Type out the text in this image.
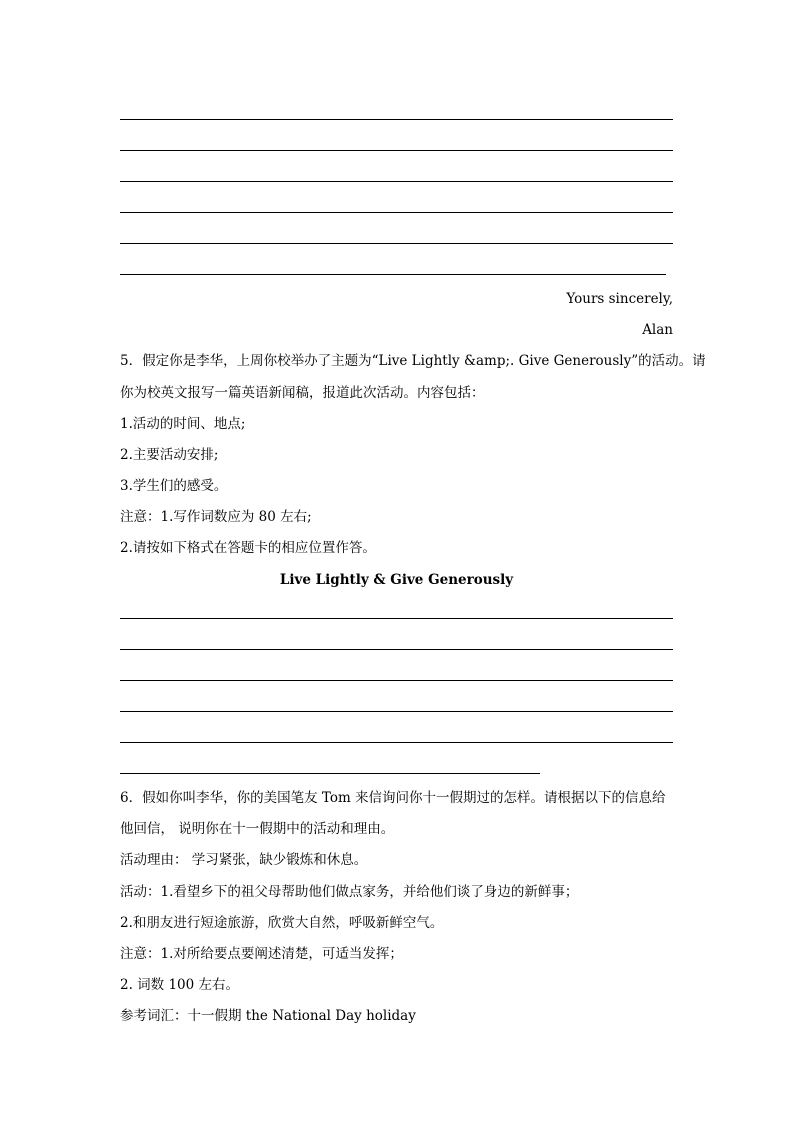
Yours sincerely,
Alan
5．假定你是李华，上周你校举办了主题为“Live Lightly &amp;. Give Generously”的活动。请
你为校英文报写一篇英语新闻稿，报道此次活动。内容包括：
1.活动的时间、地点;
2.主要活动安排;
3.学生们的感受。
注意：1.写作词数应为 80 左右;
2.请按如下格式在答题卡的相应位置作答。
Live Lightly & Give Generously
6．假如你叫李华，你的美国笔友 Tom 来信询问你十一假期过的怎样。请根据以下的信息给
他回信， 说明你在十一假期中的活动和理由。
活动理由： 学习紧张，缺少锻炼和休息。
活动：1.看望乡下的祖父母帮助他们做点家务，并给他们谈了身边的新鲜事；
2.和朋友进行短途旅游，欣赏大自然，呼吸新鲜空气。
注意：1.对所给要点要阐述清楚，可适当发挥；
2. 词数 100 左右。
参考词汇：十一假期 the National Day holiday
